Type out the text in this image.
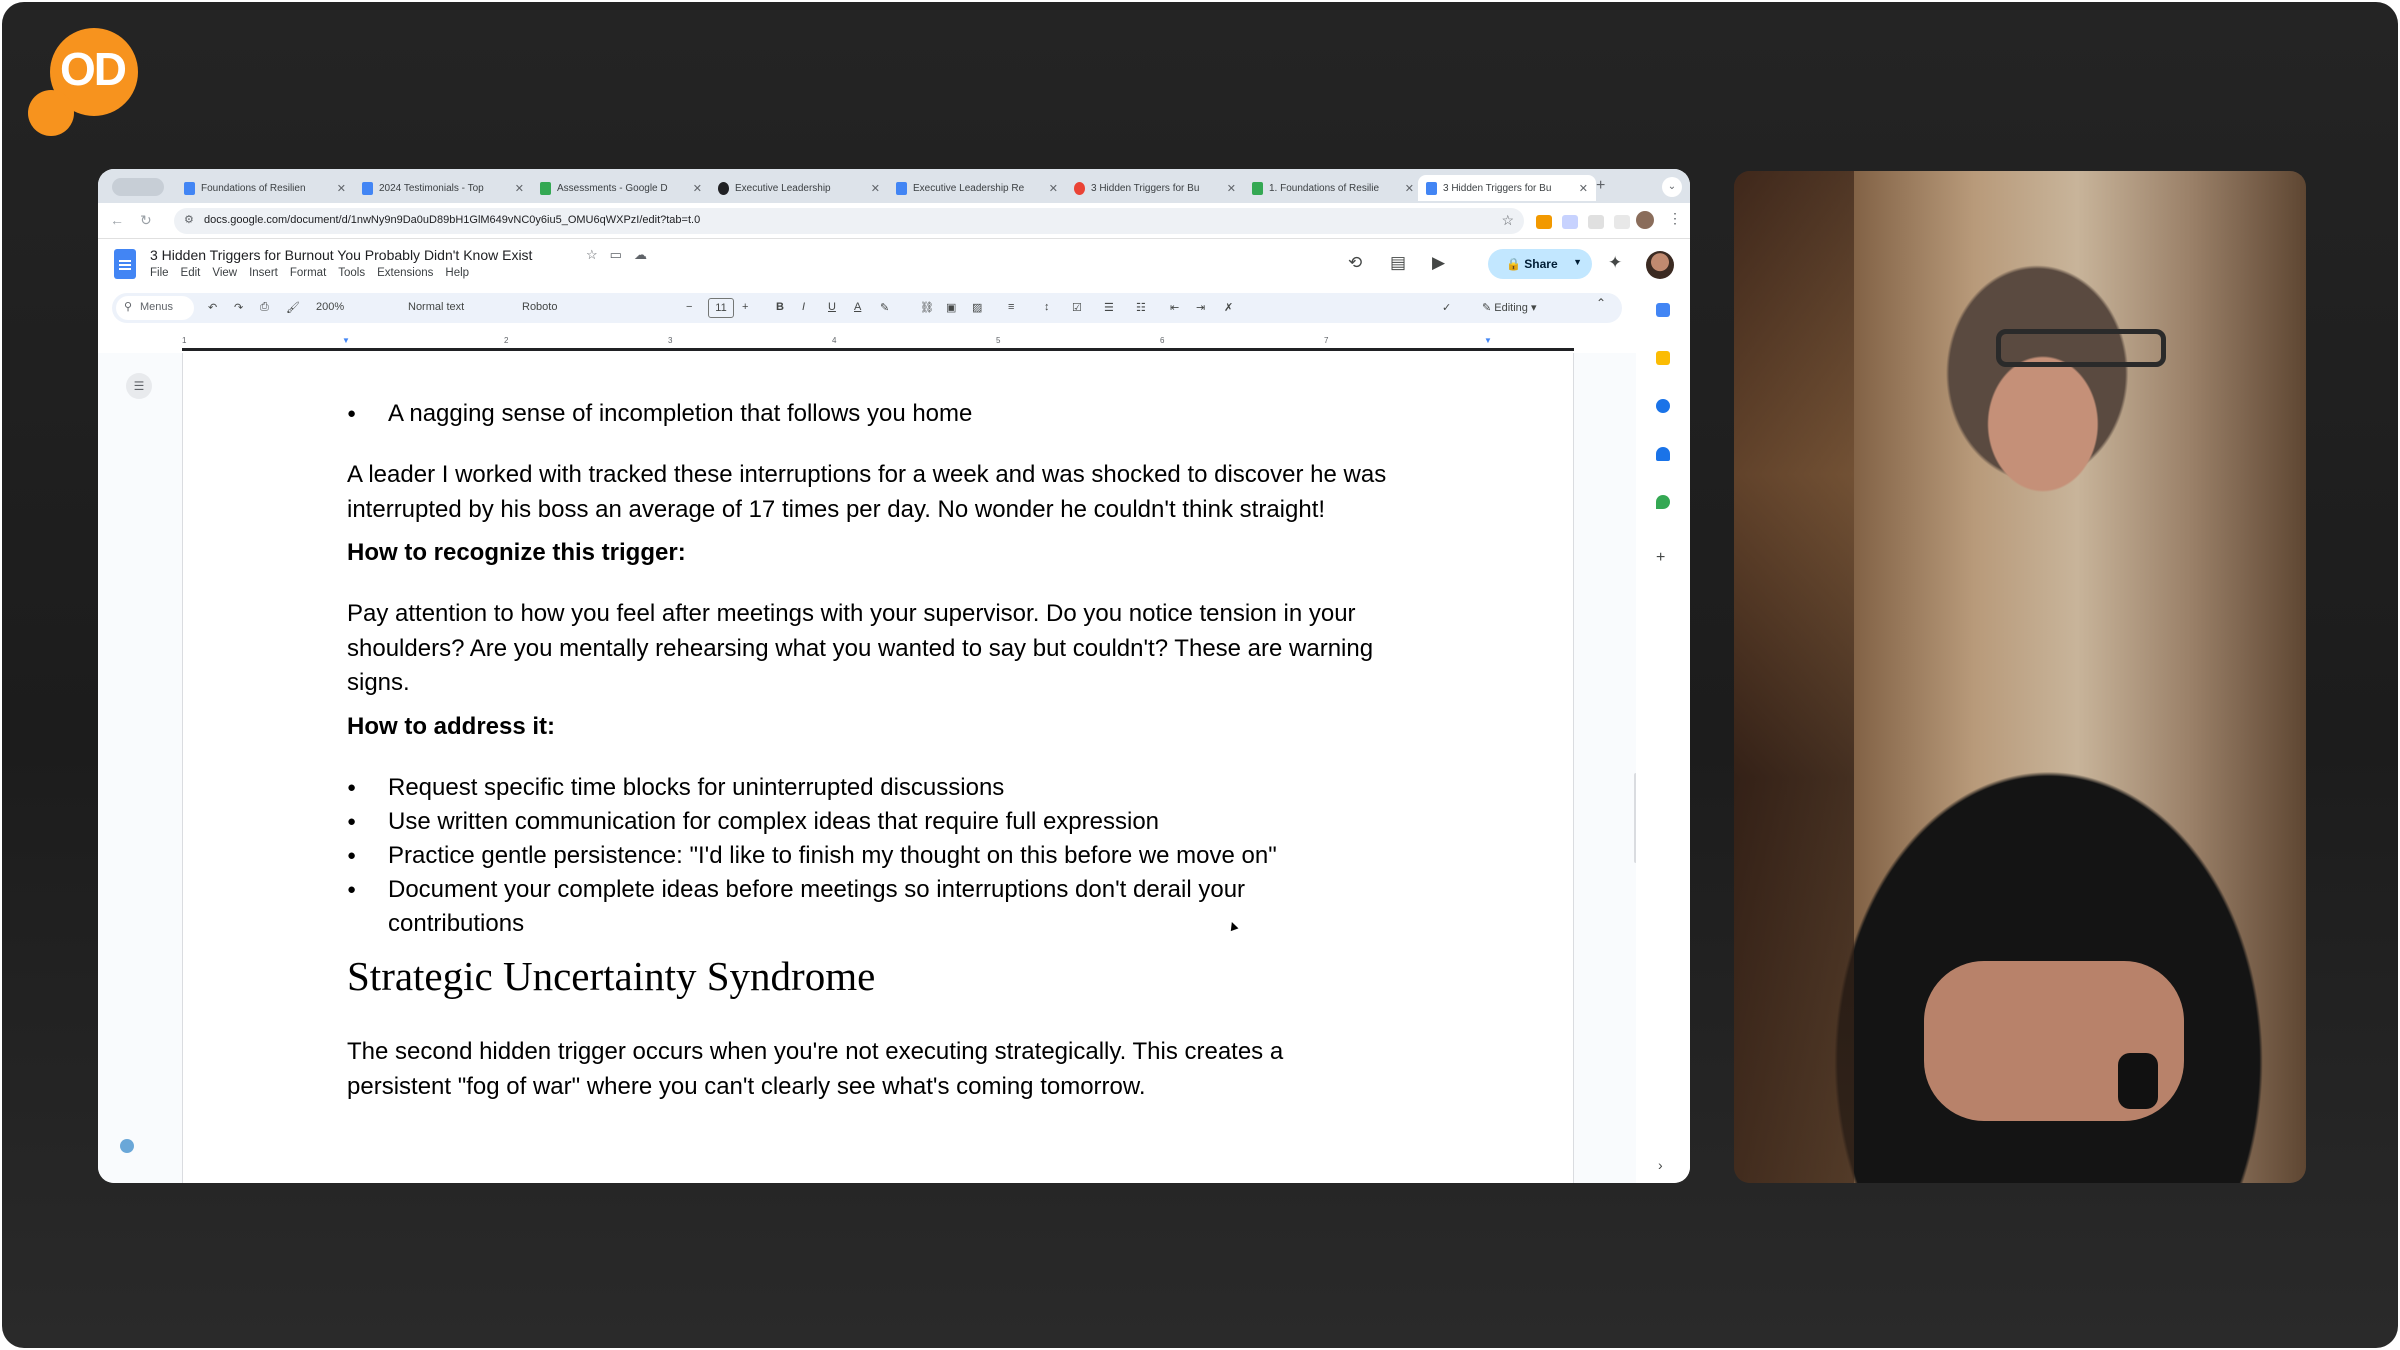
OD
Foundations of Resilien	✕	2024 Testimonials - Top	✕	Assessments - Google D	✕	Executive Leadership	✕	Executive Leadership Re	✕	3 Hidden Triggers for Bu	✕	1. Foundations of Resilie	✕	3 Hidden Triggers for Bu	✕ +	⌄
← ↻	⚙ docs.google.com/document/d/1nwNy9n9Da0uD89bH1GlM649vNC0y6iu5_OMU6qWXPzI/edit?tab=t.0	☆	⋮
3 Hidden Triggers for Burnout You Probably Didn't Know Exist	☆▭☁
File Edit View Insert Format Tools Extensions Help
⟲ ▤ ▶	🔒 Share ▼ ✦
⚲ Menus	↶ ↷ ⎙ 🖌 200%	Normal text	Roboto	−	11	+	B I U A ✎	⛓ ▣ ▨ ≡	↕ ☑ ☰ ☷ ⇤ ⇥ ✗	✓	✎ Editing ▾	⌃
1	2	3	4	5	6	7
▼	▼
☰
● A nagging sense of incompletion that follows you home
A leader I worked with tracked these interruptions for a week and was shocked to discover he was interrupted by his boss an average of 17 times per day. No wonder he couldn't think straight!
How to recognize this trigger:
Pay attention to how you feel after meetings with your supervisor. Do you notice tension in your shoulders? Are you mentally rehearsing what you wanted to say but couldn't? These are warning signs.
How to address it:
● Request specific time blocks for uninterrupted discussions
● Use written communication for complex ideas that require full expression
● Practice gentle persistence: "I'd like to finish my thought on this before we move on"
● Document your complete ideas before meetings so interruptions don't derail your contributions
Strategic Uncertainty Syndrome
The second hidden trigger occurs when you're not executing strategically. This creates a persistent "fog of war" where you can't clearly see what's coming tomorrow.
▲
+
›
